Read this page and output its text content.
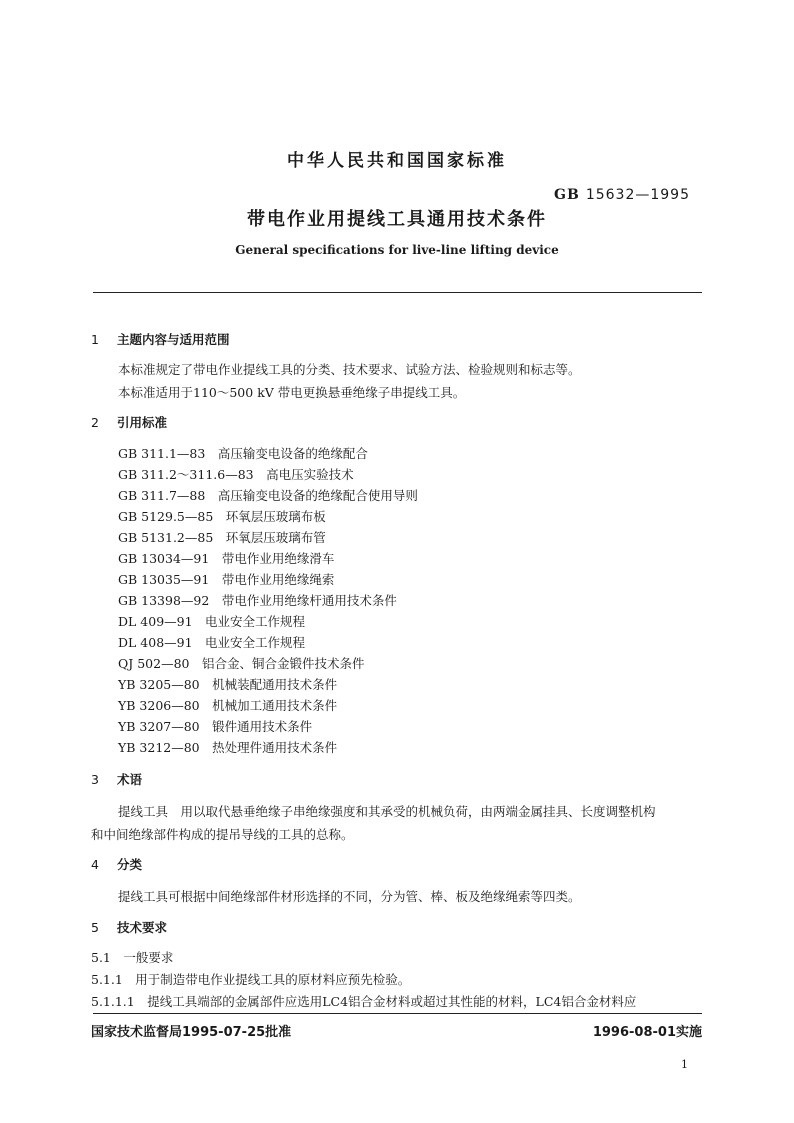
中华人民共和国国家标准
GB 15632—1995
带电作业用提线工具通用技术条件
General specifications for live-line lifting device
1 主题内容与适用范围
本标准规定了带电作业提线工具的分类、技术要求、试验方法、检验规则和标志等。
本标准适用于110～500 kV 带电更换悬垂绝缘子串提线工具。
2 引用标准
GB 311.1—83　高压输变电设备的绝缘配合
GB 311.2～311.6—83　高电压实验技术
GB 311.7—88　高压输变电设备的绝缘配合使用导则
GB 5129.5—85　环氧层压玻璃布板
GB 5131.2—85　环氧层压玻璃布管
GB 13034—91　带电作业用绝缘滑车
GB 13035—91　带电作业用绝缘绳索
GB 13398—92　带电作业用绝缘杆通用技术条件
DL 409—91　电业安全工作规程
DL 408—91　电业安全工作规程
QJ 502—80　铝合金、铜合金锻件技术条件
YB 3205—80　机械装配通用技术条件
YB 3206—80　机械加工通用技术条件
YB 3207—80　锻件通用技术条件
YB 3212—80　热处理件通用技术条件
3 术语
提线工具　用以取代悬垂绝缘子串绝缘强度和其承受的机械负荷，由两端金属挂具、长度调整机构
和中间绝缘部件构成的提吊导线的工具的总称。
4 分类
提线工具可根据中间绝缘部件材形选择的不同，分为管、棒、板及绝缘绳索等四类。
5 技术要求
5.1　一般要求
5.1.1　用于制造带电作业提线工具的原材料应预先检验。
5.1.1.1　提线工具端部的金属部件应选用LC4铝合金材料或超过其性能的材料，LC4铝合金材料应
国家技术监督局1995-07-25批准	1996-08-01实施
1
